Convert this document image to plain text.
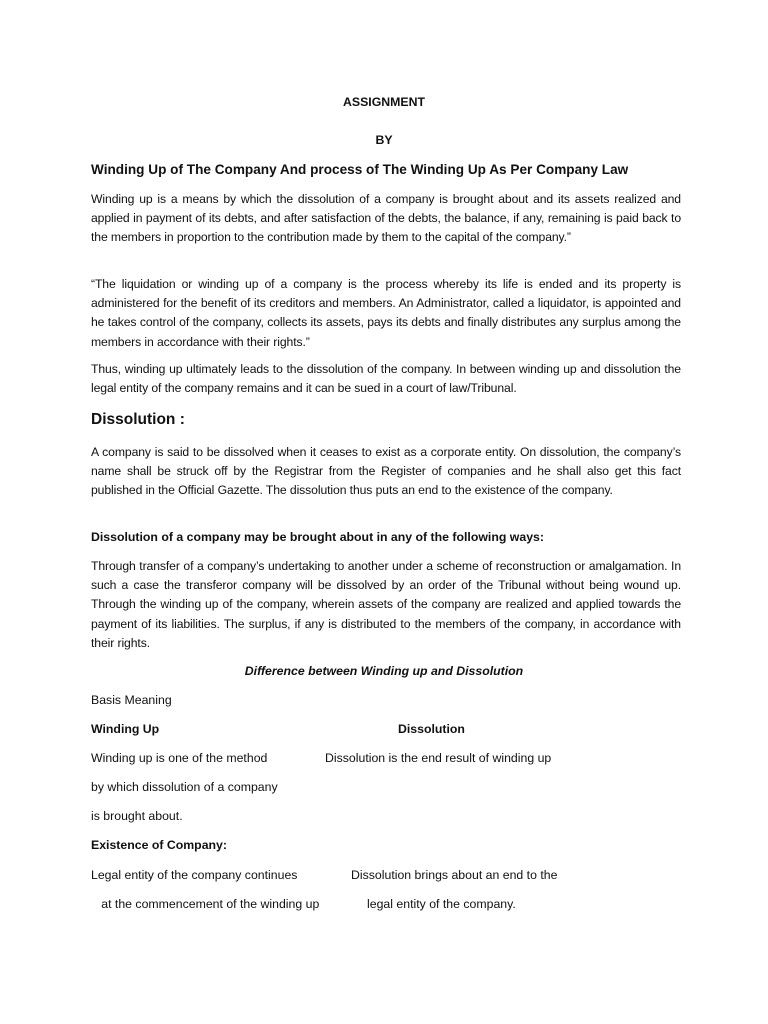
ASSIGNMENT

BY

Winding Up of The Company And process of The Winding Up As Per Company Law

Winding up is a means by which the dissolution of a company is brought about and its assets realized and applied in payment of its debts, and after satisfaction of the debts, the balance, if any, remaining is paid back to the members in proportion to the contribution made by them to the capital of the company.”

“The liquidation or winding up of a company is the process whereby its life is ended and its property is administered for the benefit of its creditors and members. An Administrator, called a liquidator, is appointed and he takes control of the company, collects its assets, pays its debts and finally distributes any surplus among the members in accordance with their rights.”

Thus, winding up ultimately leads to the dissolution of the company. In between winding up and dissolution the legal entity of the company remains and it can be sued in a court of law/Tribunal.

Dissolution :

A company is said to be dissolved when it ceases to exist as a corporate entity. On dissolution, the company’s name shall be struck off by the Registrar from the Register of companies and he shall also get this fact published in the Official Gazette. The dissolution thus puts an end to the existence of the company.

Dissolution of a company may be brought about in any of the following ways:

Through transfer of a company’s undertaking to another under a scheme of reconstruction or amalgamation. In such a case the transferor company will be dissolved by an order of the Tribunal without being wound up. Through the winding up of the company, wherein assets of the company are realized and applied towards the payment of its liabilities. The surplus, if any is distributed to the members of the company, in accordance with their rights.

Difference between Winding up and Dissolution

Basis Meaning

Winding Up	Dissolution

Winding up is one of the method	Dissolution is the end result of winding up

by which dissolution of a company

is brought about.

Existence of Company:

Legal entity of the company continues	Dissolution brings about an end to the

at the commencement of the winding up	legal entity of the company.
